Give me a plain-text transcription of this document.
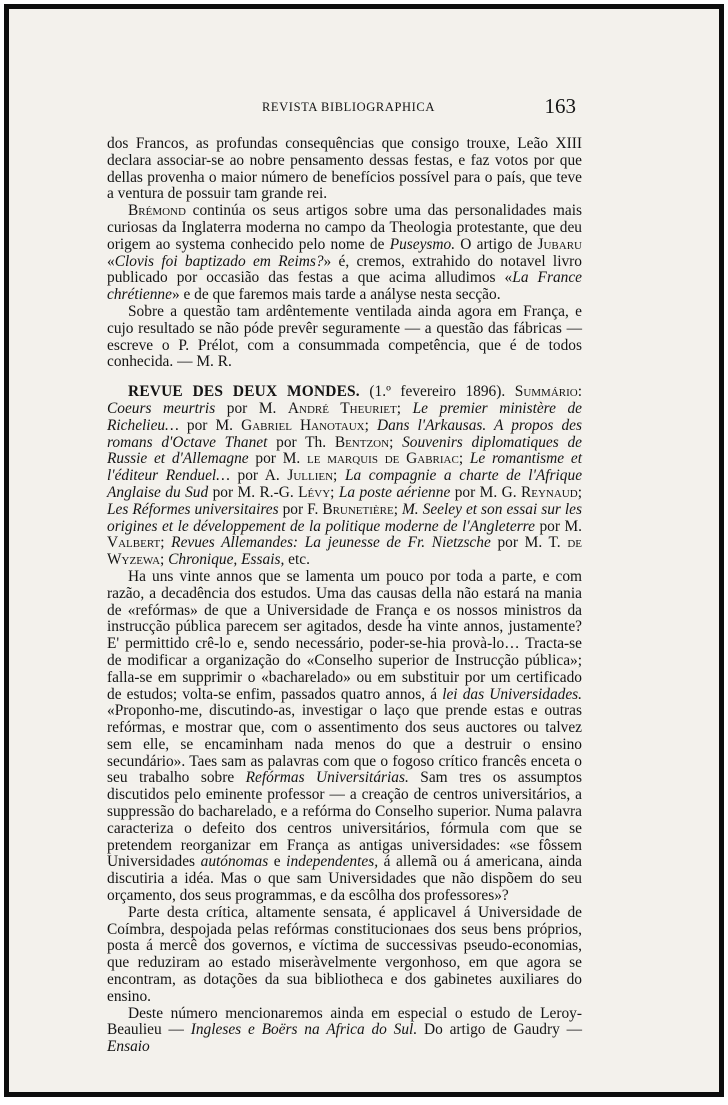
REVISTA BIBLIOGRAPHICA	163

dos Francos, as profundas consequências que consigo trouxe, Leão XIII declara associar-se ao nobre pensamento dessas festas, e faz votos por que dellas provenha o maior número de benefícios possível para o país, que teve a ventura de possuir tam grande rei.

Brémond continúa os seus artigos sobre uma das personalidades mais curiosas da Inglaterra moderna no campo da Theologia protestante, que deu origem ao systema conhecido pelo nome de Puseysmo. O artigo de Jubaru «Clovis foi baptizado em Reims?» é, cremos, extrahido do notavel livro publicado por occasião das festas a que acima alludimos «La France chrétienne» e de que faremos mais tarde a anályse nesta secção.

Sobre a questão tam ardêntemente ventilada ainda agora em França, e cujo resultado se não póde prevêr seguramente — a questão das fábricas — escreve o P. Prélot, com a consummada competência, que é de todos conhecida. — M. R.

REVUE DES DEUX MONDES. (1.º fevereiro 1896). Summário: Coeurs meurtris por M. André Theuriet; Le premier ministère de Richelieu… por M. Gabriel Hanotaux; Dans l'Arkausas. A propos des romans d'Octave Thanet por Th. Bentzon; Souvenirs diplomatiques de Russie et d'Allemagne por M. le marquis de Gabriac; Le romantisme et l'éditeur Renduel… por A. Jullien; La compagnie a charte de l'Afrique Anglaise du Sud por M. R.-G. Lévy; La poste aérienne por M. G. Reynaud; Les Réformes universitaires por F. Brunetière; M. Seeley et son essai sur les origines et le développement de la politique moderne de l'Angleterre por M. Valbert; Revues Allemandes: La jeunesse de Fr. Nietzsche por M. T. de Wyzewa; Chronique, Essais, etc.

Ha uns vinte annos que se lamenta um pouco por toda a parte, e com razão, a decadência dos estudos. Uma das causas della não estará na mania de «refórmas» de que a Universidade de França e os nossos ministros da instrucção pública parecem ser agitados, desde ha vinte annos, justamente? E' permittido crê-lo e, sendo necessário, poder-se-hia provà-lo… Tracta-se de modificar a organização do «Conselho superior de Instrucção pública»; falla-se em supprimir o «bacharelado» ou em substituir por um certificado de estudos; volta-se enfim, passados quatro annos, á lei das Universidades. «Proponho-me, discutindo-as, investigar o laço que prende estas e outras refórmas, e mostrar que, com o assentimento dos seus auctores ou talvez sem elle, se encaminham nada menos do que a destruir o ensino secundário». Taes sam as palavras com que o fogoso crítico francês enceta o seu trabalho sobre Refórmas Universitárias. Sam tres os assumptos discutidos pelo eminente professor — a creação de centros universitários, a suppressão do bacharelado, e a refórma do Conselho superior. Numa palavra caracteriza o defeito dos centros universitários, fórmula com que se pretendem reorganizar em França as antigas universidades: «se fôssem Universidades autónomas e independentes, á allemã ou á americana, ainda discutiria a idéa. Mas o que sam Universidades que não dispõem do seu orçamento, dos seus programmas, e da escôlha dos professores»?

Parte desta crítica, altamente sensata, é applicavel á Universidade de Coímbra, despojada pelas refórmas constitucionaes dos seus bens próprios, posta á mercê dos governos, e víctima de successivas pseudo-economias, que reduziram ao estado miseràvelmente vergonhoso, em que agora se encontram, as dotações da sua bibliotheca e dos gabinetes auxiliares do ensino.

Deste número mencionaremos ainda em especial o estudo de Leroy-Beaulieu — Ingleses e Boërs na Africa do Sul. Do artigo de Gaudry — Ensaio
